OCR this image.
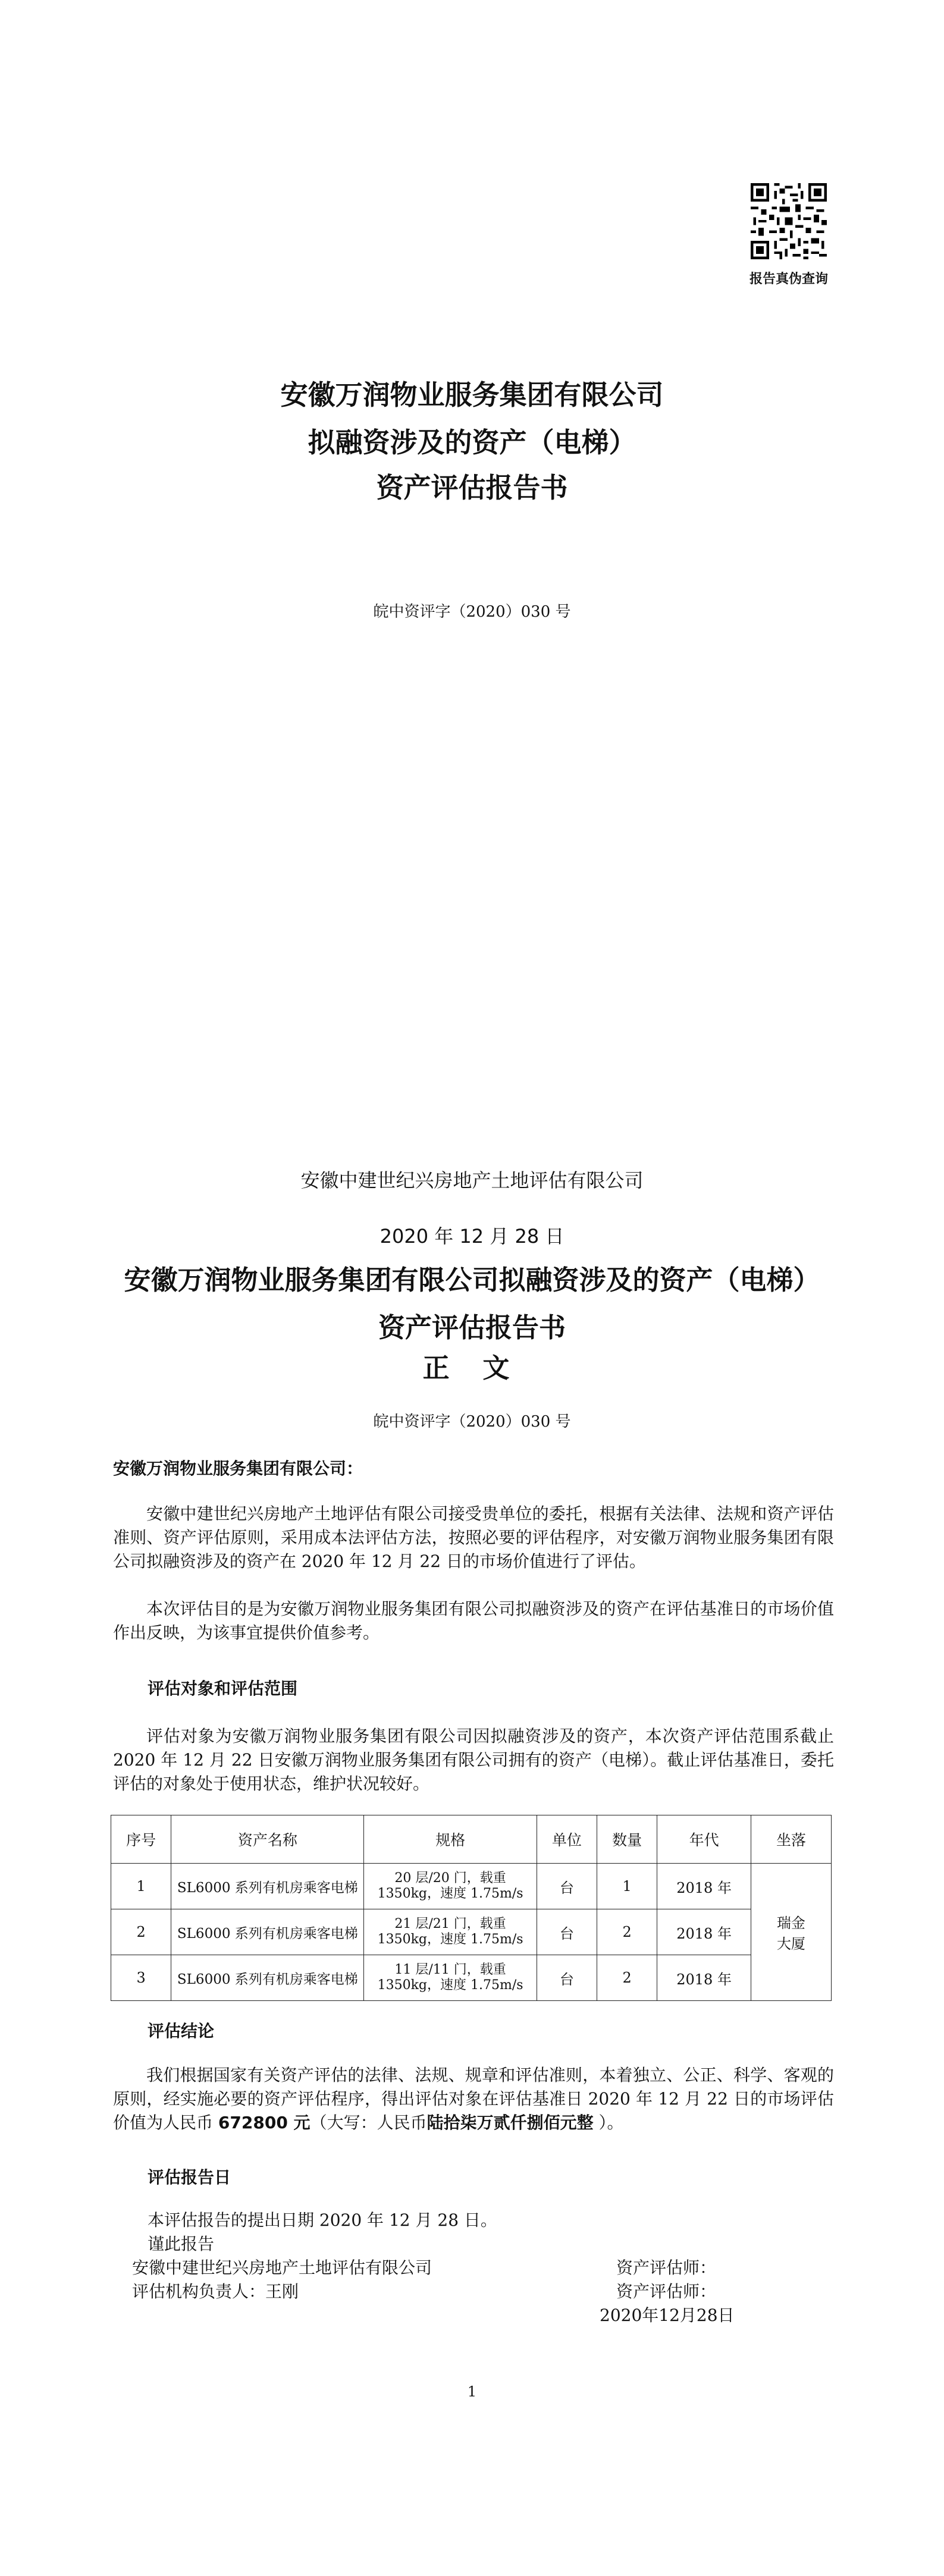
报告真伪查询
安徽万润物业服务集团有限公司
拟融资涉及的资产（电梯）
资产评估报告书
皖中资评字（2020）030 号
安徽中建世纪兴房地产土地评估有限公司
2020 年 12 月 28 日
安徽万润物业服务集团有限公司拟融资涉及的资产（电梯）
资产评估报告书
正 文
皖中资评字（2020）030 号
安徽万润物业服务集团有限公司：
安徽中建世纪兴房地产土地评估有限公司接受贵单位的委托，根据有关法律、法规和资产评估准则、资产评估原则，采用成本法评估方法，按照必要的评估程序，对安徽万润物业服务集团有限公司拟融资涉及的资产在 2020 年 12 月 22 日的市场价值进行了评估。
本次评估目的是为安徽万润物业服务集团有限公司拟融资涉及的资产在评估基准日的市场价值作出反映，为该事宜提供价值参考。
评估对象和评估范围
评估对象为安徽万润物业服务集团有限公司因拟融资涉及的资产，本次资产评估范围系截止 2020 年 12 月 22 日安徽万润物业服务集团有限公司拥有的资产（电梯）。截止评估基准日，委托评估的对象处于使用状态，维护状况较好。
序号	资产名称	规格	单位	数量	年代	坐落
1	SL6000 系列有机房乘客电梯	20 层/20 门，载重
1350kg，速度 1.75m/s	台	1	2018 年	瑞金
大厦
2	SL6000 系列有机房乘客电梯	21 层/21 门，载重
1350kg，速度 1.75m/s	台	2	2018 年	
3	SL6000 系列有机房乘客电梯	11 层/11 门，载重
1350kg，速度 1.75m/s	台	2	2018 年	
评估结论
我们根据国家有关资产评估的法律、法规、规章和评估准则，本着独立、公正、科学、客观的原则，经实施必要的资产评估程序，得出评估对象在评估基准日 2020 年 12 月 22 日的市场评估价值为人民币 672800 元（大写：人民币陆拾柒万贰仟捌佰元整 ）。
评估报告日
本评估报告的提出日期 2020 年 12 月 28 日。
谨此报告
安徽中建世纪兴房地产土地评估有限公司	资产评估师：
评估机构负责人：王刚	资产评估师：
2020年12月28日
1
